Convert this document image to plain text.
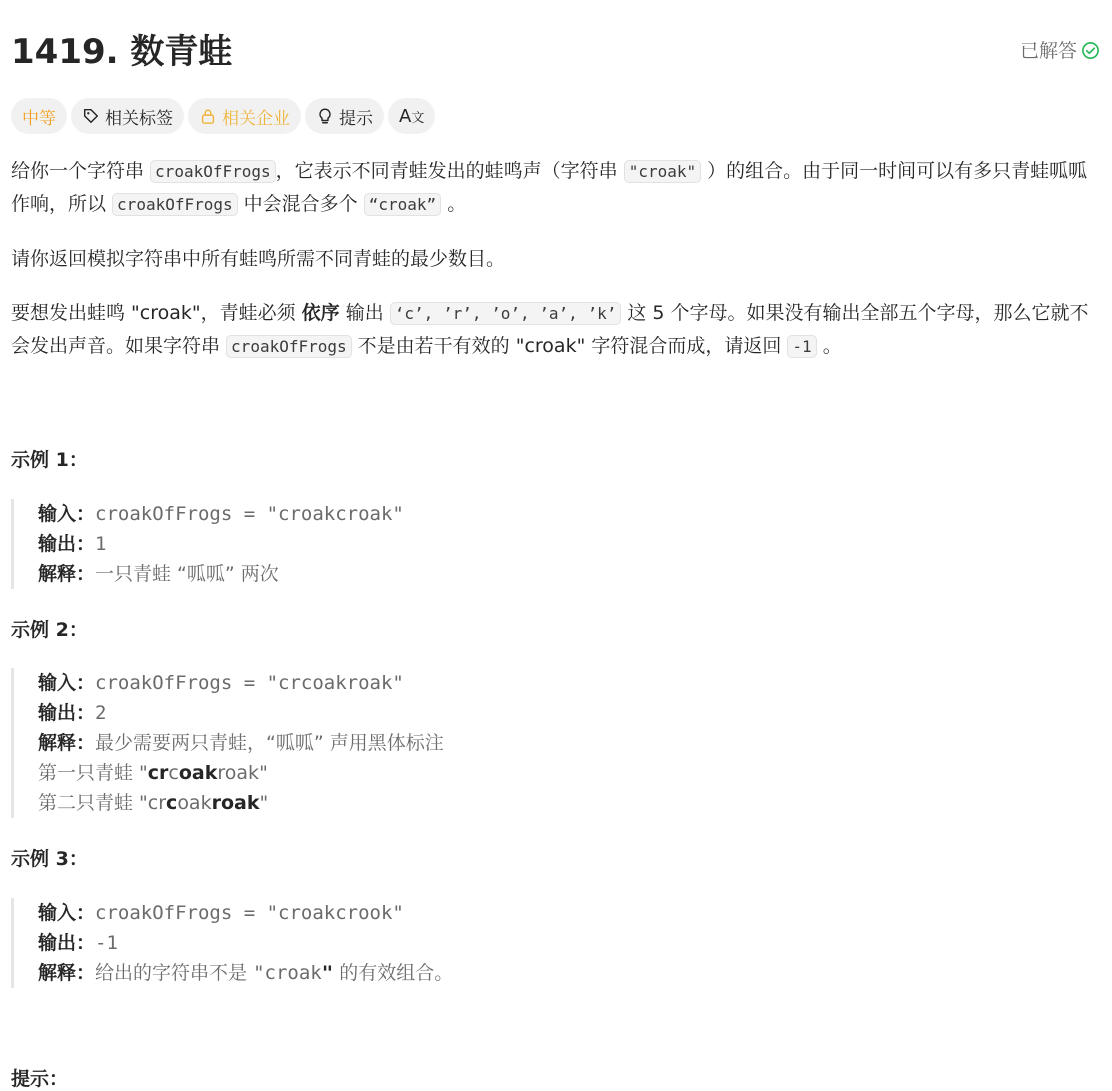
1419. 数青蛙	已解答
中等	相关标签	相关企业	提示 A文

给你一个字符串 croakOfFrogs ，它表示不同青蛙发出的蛙鸣声（字符串 "croak" ）的组合。由于同一时间可以有多只青蛙呱呱作响，所以 croakOfFrogs 中会混合多个 “croak” 。

请你返回模拟字符串中所有蛙鸣所需不同青蛙的最少数目。

要想发出蛙鸣 "croak"，青蛙必须 依序 输出 ‘c’, ’r’, ’o’, ’a’, ’k’ 这 5 个字母。如果没有输出全部五个字母，那么它就不会发出声音。如果字符串 croakOfFrogs 不是由若干有效的 "croak" 字符混合而成，请返回 -1 。

示例 1：
输入：croakOfFrogs = "croakcroak"
输出：1
解释：一只青蛙 “呱呱” 两次
示例 2：
输入：croakOfFrogs = "crcoakroak"
输出：2
解释：最少需要两只青蛙，“呱呱” 声用黑体标注
第一只青蛙 "crcoakroak"
第二只青蛙 "crcoakroak"
示例 3：
输入：croakOfFrogs = "croakcrook"
输出：-1
解释：给出的字符串不是 "croak" 的有效组合。
提示：
